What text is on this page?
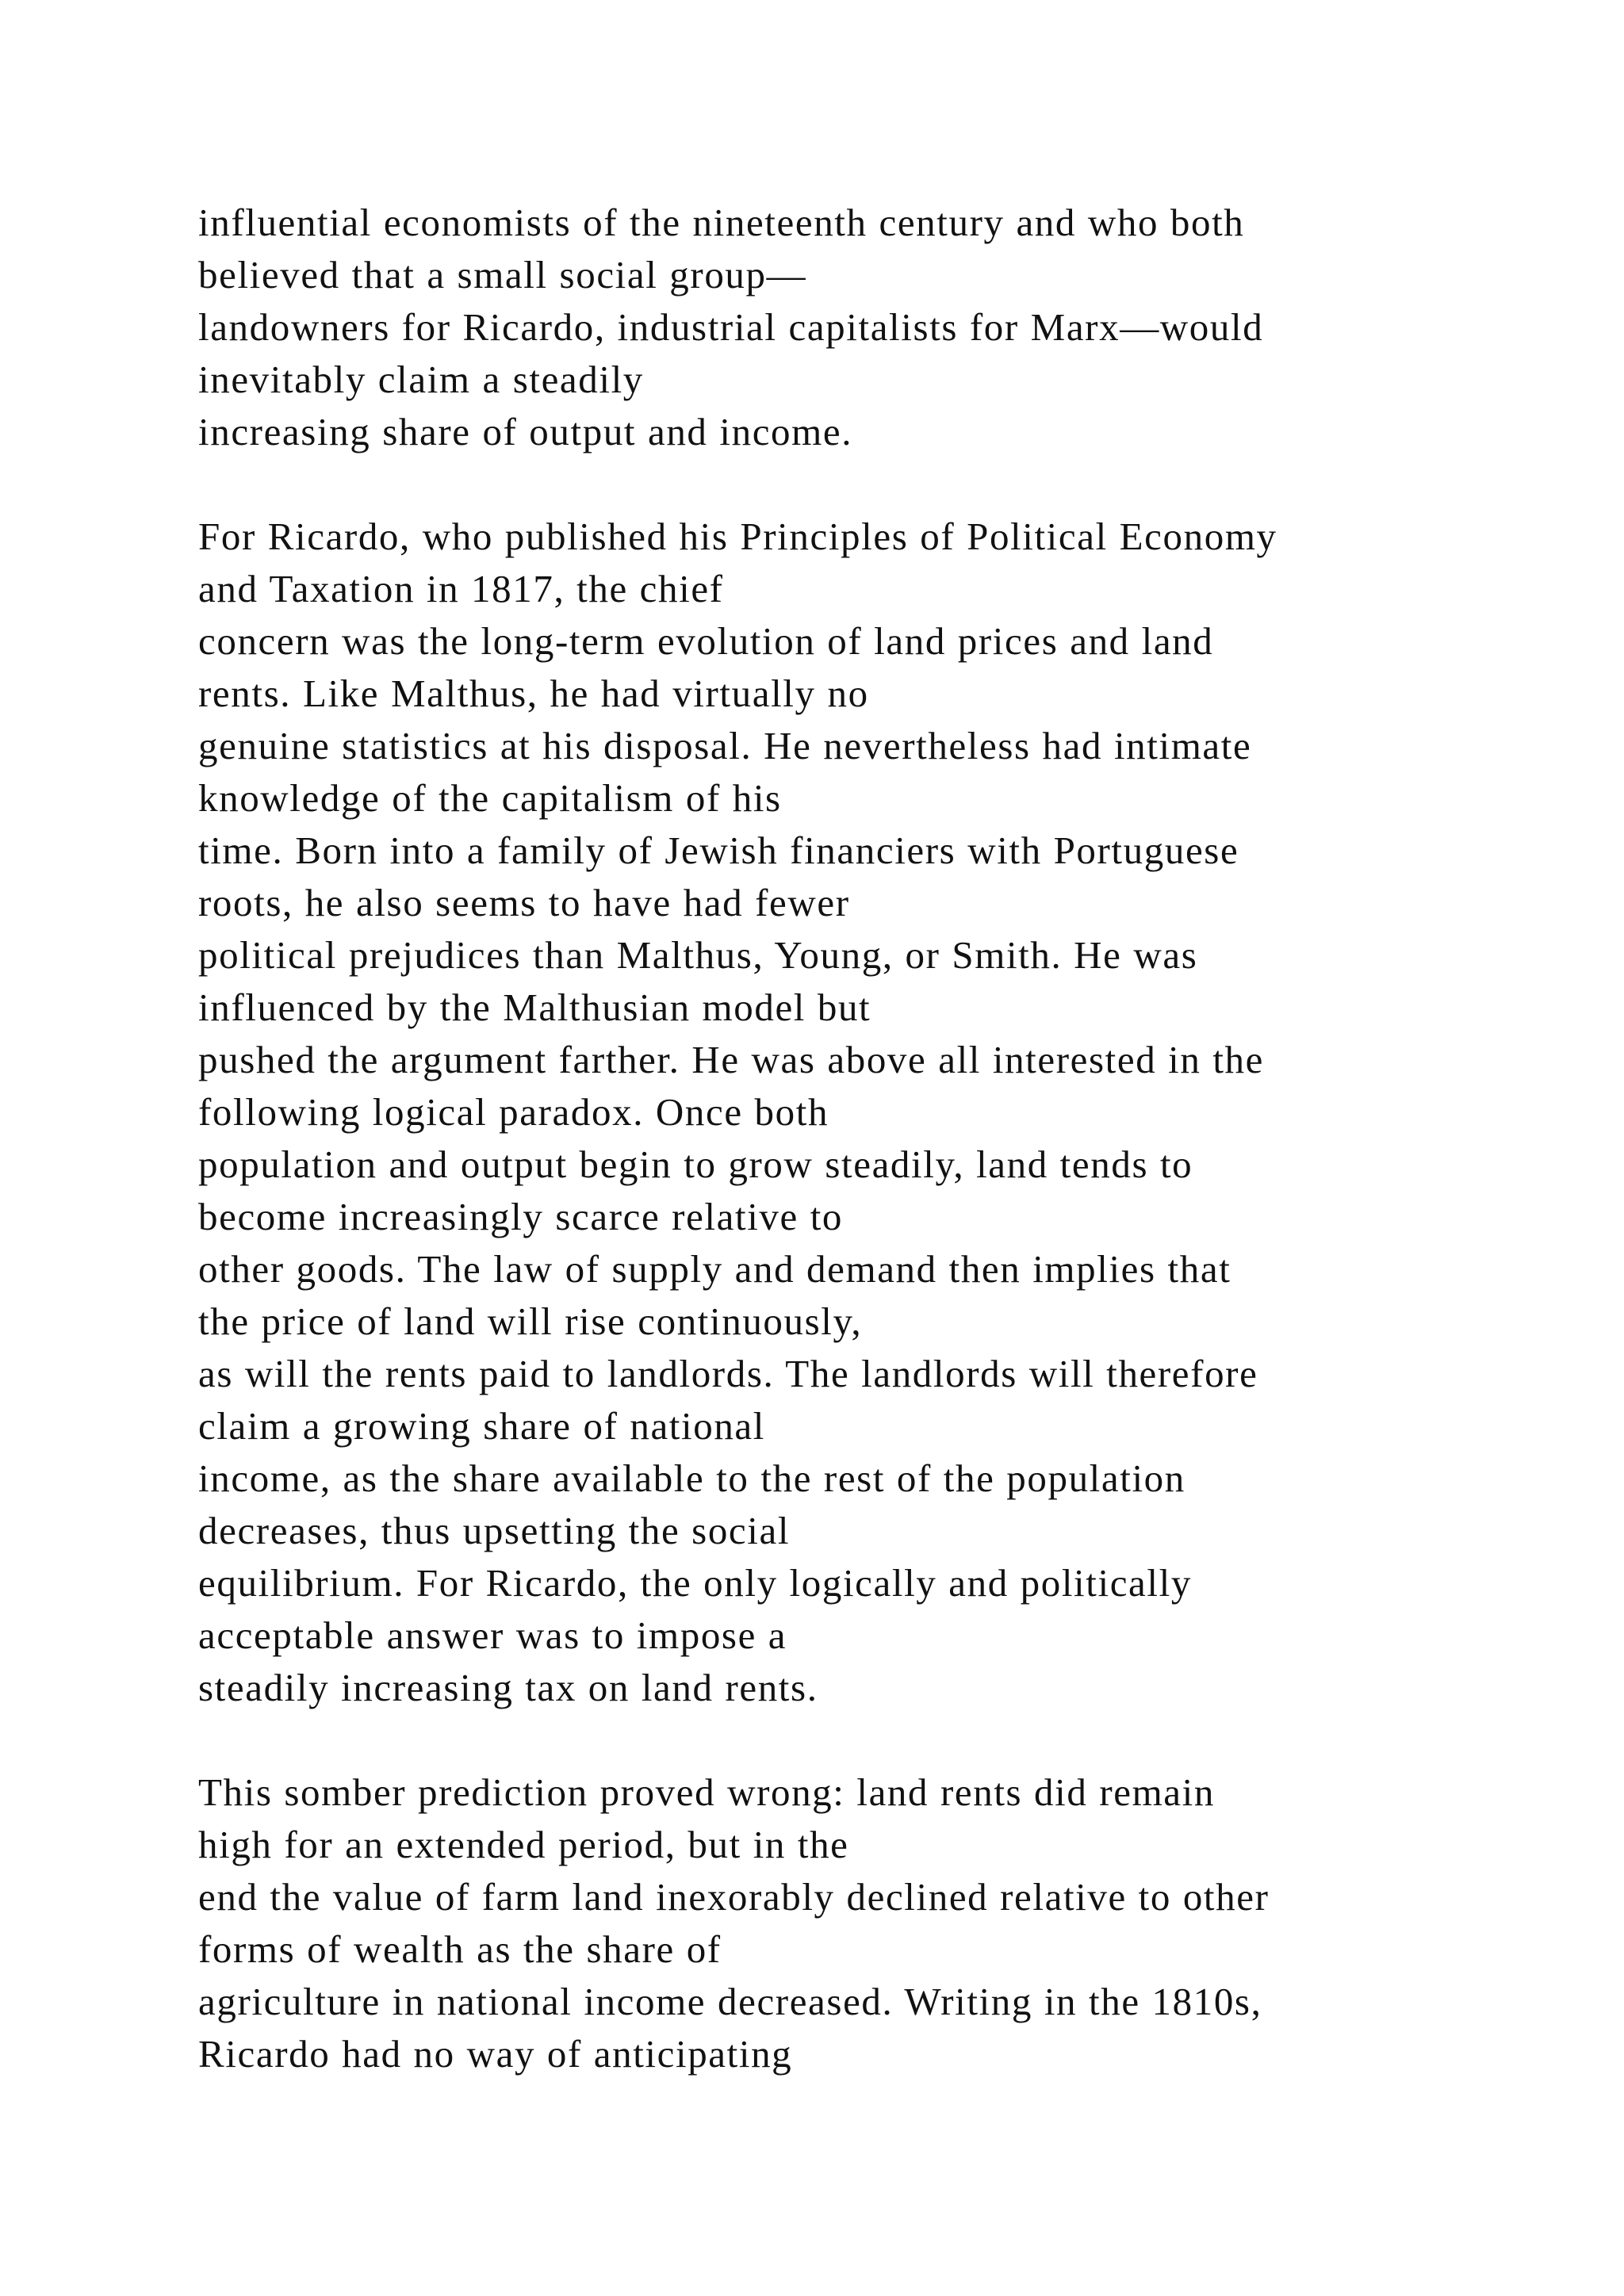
influential economists of the nineteenth century and who both
believed that a small social group—
landowners for Ricardo, industrial capitalists for Marx—would
inevitably claim a steadily
increasing share of output and income.
For Ricardo, who published his Principles of Political Economy
and Taxation in 1817, the chief
concern was the long-term evolution of land prices and land
rents. Like Malthus, he had virtually no
genuine statistics at his disposal. He nevertheless had intimate
knowledge of the capitalism of his
time. Born into a family of Jewish financiers with Portuguese
roots, he also seems to have had fewer
political prejudices than Malthus, Young, or Smith. He was
influenced by the Malthusian model but
pushed the argument farther. He was above all interested in the
following logical paradox. Once both
population and output begin to grow steadily, land tends to
become increasingly scarce relative to
other goods. The law of supply and demand then implies that
the price of land will rise continuously,
as will the rents paid to landlords. The landlords will therefore
claim a growing share of national
income, as the share available to the rest of the population
decreases, thus upsetting the social
equilibrium. For Ricardo, the only logically and politically
acceptable answer was to impose a
steadily increasing tax on land rents.
This somber prediction proved wrong: land rents did remain
high for an extended period, but in the
end the value of farm land inexorably declined relative to other
forms of wealth as the share of
agriculture in national income decreased. Writing in the 1810s,
Ricardo had no way of anticipating
